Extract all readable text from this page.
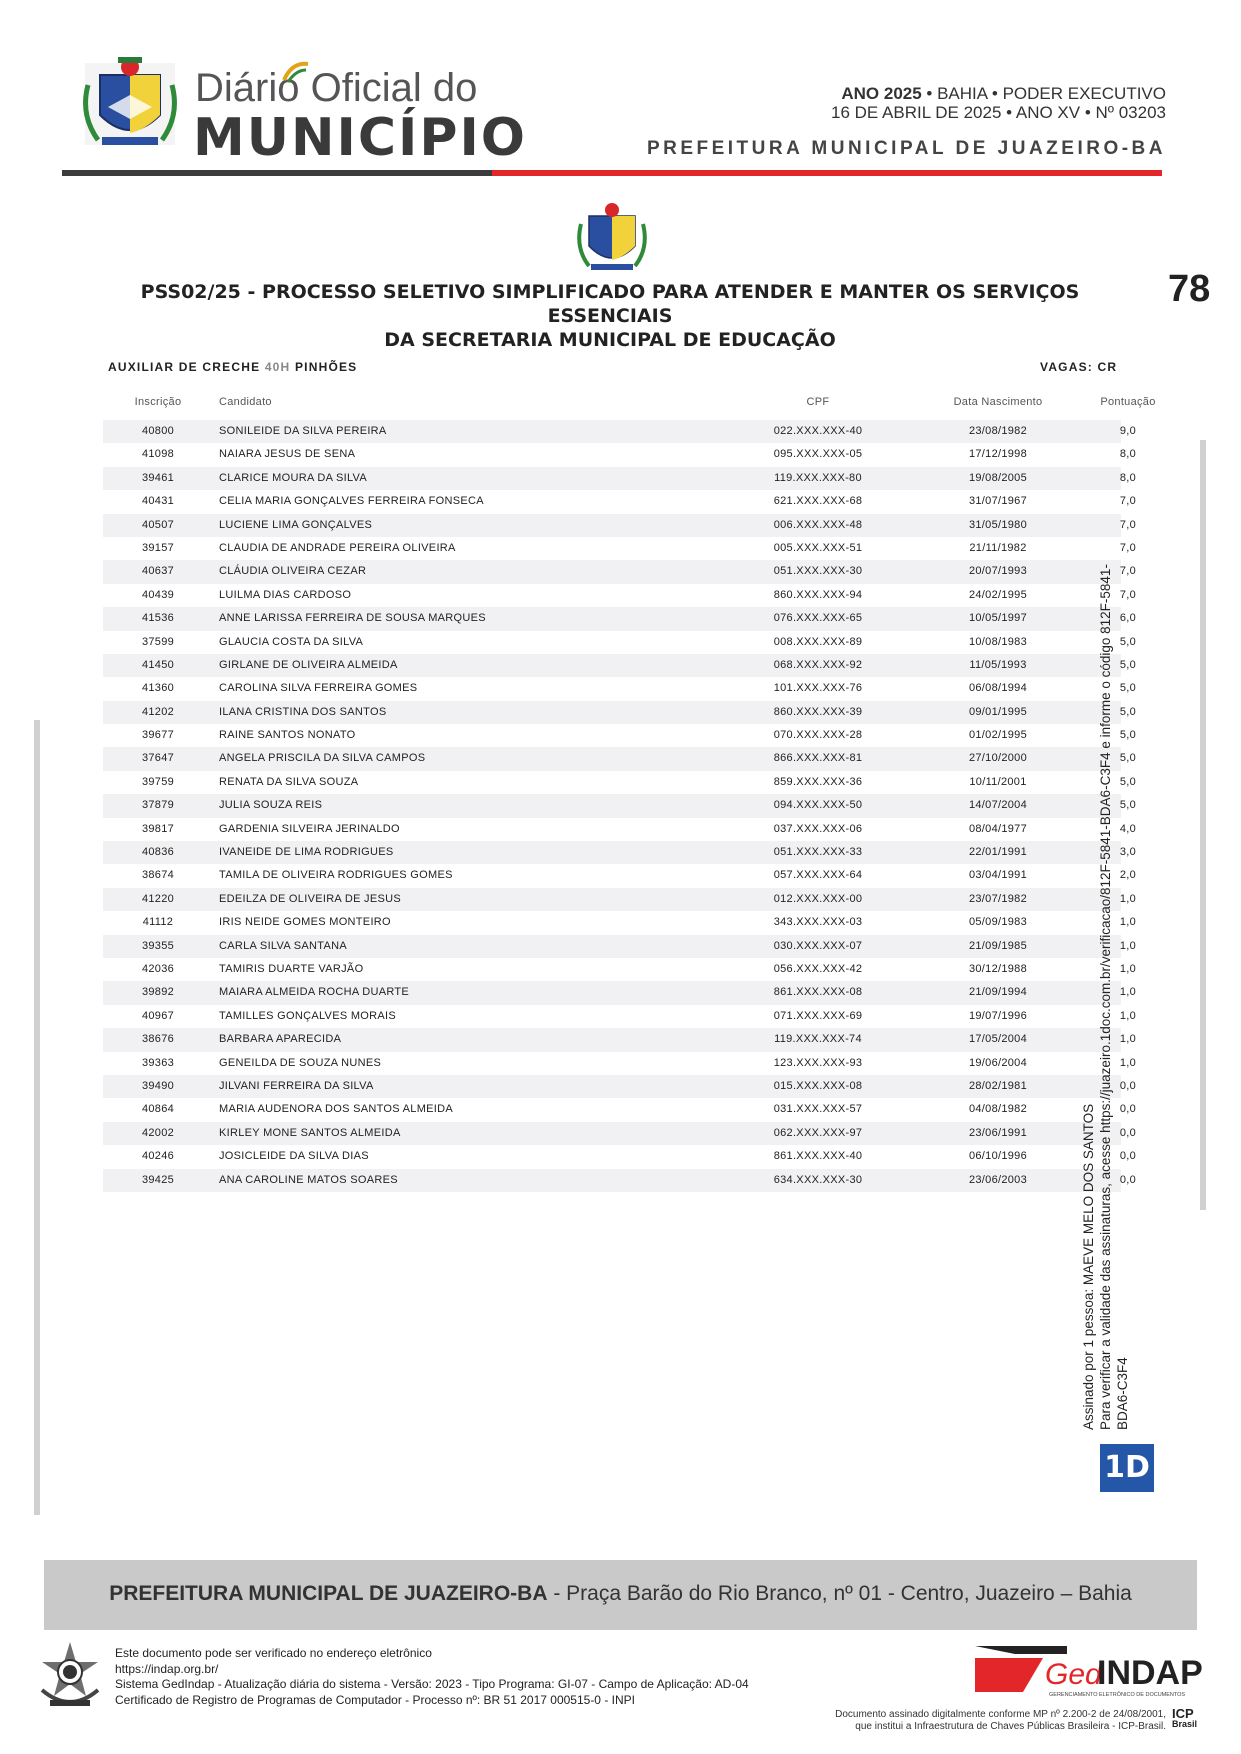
Diário Oficial do
MUNICÍPIO
ANO 2025 • BAHIA • PODER EXECUTIVO
16 DE ABRIL DE 2025 • ANO XV • Nº 03203
PREFEITURA MUNICIPAL DE JUAZEIRO-BA
78
PSS02/25 - PROCESSO SELETIVO SIMPLIFICADO PARA ATENDER E MANTER OS SERVIÇOS ESSENCIAIS
DA SECRETARIA MUNICIPAL DE EDUCAÇÃO
AUXILIAR DE CRECHE 40H PINHÕES	VAGAS: CR
Inscrição	Candidato	CPF	Data Nascimento	Pontuação
40800	SONILEIDE DA SILVA PEREIRA	022.XXX.XXX-40	23/08/1982	9,0
41098	NAIARA JESUS DE SENA	095.XXX.XXX-05	17/12/1998	8,0
39461	CLARICE MOURA DA SILVA	119.XXX.XXX-80	19/08/2005	8,0
40431	CELIA MARIA GONÇALVES FERREIRA FONSECA	621.XXX.XXX-68	31/07/1967	7,0
40507	LUCIENE LIMA GONÇALVES	006.XXX.XXX-48	31/05/1980	7,0
39157	CLAUDIA DE ANDRADE PEREIRA OLIVEIRA	005.XXX.XXX-51	21/11/1982	7,0
40637	CLÁUDIA OLIVEIRA CEZAR	051.XXX.XXX-30	20/07/1993	7,0
40439	LUILMA DIAS CARDOSO	860.XXX.XXX-94	24/02/1995	7,0
41536	ANNE LARISSA FERREIRA DE SOUSA MARQUES	076.XXX.XXX-65	10/05/1997	6,0
37599	GLAUCIA COSTA DA SILVA	008.XXX.XXX-89	10/08/1983	5,0
41450	GIRLANE DE OLIVEIRA ALMEIDA	068.XXX.XXX-92	11/05/1993	5,0
41360	CAROLINA SILVA FERREIRA GOMES	101.XXX.XXX-76	06/08/1994	5,0
41202	ILANA CRISTINA DOS SANTOS	860.XXX.XXX-39	09/01/1995	5,0
39677	RAINE SANTOS NONATO	070.XXX.XXX-28	01/02/1995	5,0
37647	ANGELA PRISCILA DA SILVA CAMPOS	866.XXX.XXX-81	27/10/2000	5,0
39759	RENATA DA SILVA SOUZA	859.XXX.XXX-36	10/11/2001	5,0
37879	JULIA SOUZA REIS	094.XXX.XXX-50	14/07/2004	5,0
39817	GARDENIA SILVEIRA JERINALDO	037.XXX.XXX-06	08/04/1977	4,0
40836	IVANEIDE DE LIMA RODRIGUES	051.XXX.XXX-33	22/01/1991	3,0
38674	TAMILA DE OLIVEIRA RODRIGUES GOMES	057.XXX.XXX-64	03/04/1991	2,0
41220	EDEILZA DE OLIVEIRA DE JESUS	012.XXX.XXX-00	23/07/1982	1,0
41112	IRIS NEIDE GOMES MONTEIRO	343.XXX.XXX-03	05/09/1983	1,0
39355	CARLA SILVA SANTANA	030.XXX.XXX-07	21/09/1985	1,0
42036	TAMIRIS DUARTE VARJÃO	056.XXX.XXX-42	30/12/1988	1,0
39892	MAIARA ALMEIDA ROCHA DUARTE	861.XXX.XXX-08	21/09/1994	1,0
40967	TAMILLES GONÇALVES MORAIS	071.XXX.XXX-69	19/07/1996	1,0
38676	BARBARA APARECIDA	119.XXX.XXX-74	17/05/2004	1,0
39363	GENEILDA DE SOUZA NUNES	123.XXX.XXX-93	19/06/2004	1,0
39490	JILVANI FERREIRA DA SILVA	015.XXX.XXX-08	28/02/1981	0,0
40864	MARIA AUDENORA DOS SANTOS ALMEIDA	031.XXX.XXX-57	04/08/1982	0,0
42002	KIRLEY MONE SANTOS ALMEIDA	062.XXX.XXX-97	23/06/1991	0,0
40246	JOSICLEIDE DA SILVA DIAS	861.XXX.XXX-40	06/10/1996	0,0
39425	ANA CAROLINE MATOS SOARES	634.XXX.XXX-30	23/06/2003	0,0
Assinado por 1 pessoa: MAEVE MELO DOS SANTOS Para verificar a validade das assinaturas, acesse https://juazeiro.1doc.com.br/verificacao/812F-5841-BDA6-C3F4 e informe o código 812F-5841-BDA6-C3F4
1D
PREFEITURA MUNICIPAL DE JUAZEIRO-BA - Praça Barão do Rio Branco, nº 01 - Centro, Juazeiro – Bahia
Este documento pode ser verificado no endereço eletrônico
https://indap.org.br/
Sistema GedIndap - Atualização diária do sistema - Versão: 2023 - Tipo Programa: GI-07 - Campo de Aplicação: AD-04
Certificado de Registro de Programas de Computador - Processo nº: BR 51 2017 000515-0 - INPI
Ged
INDAP
GERENCIAMENTO ELETRÔNICO DE DOCUMENTOS
Documento assinado digitalmente conforme MP nº 2.200-2 de 24/08/2001,
que institui a Infraestrutura de Chaves Públicas Brasileira - ICP-Brasil.
ICP
Brasil
